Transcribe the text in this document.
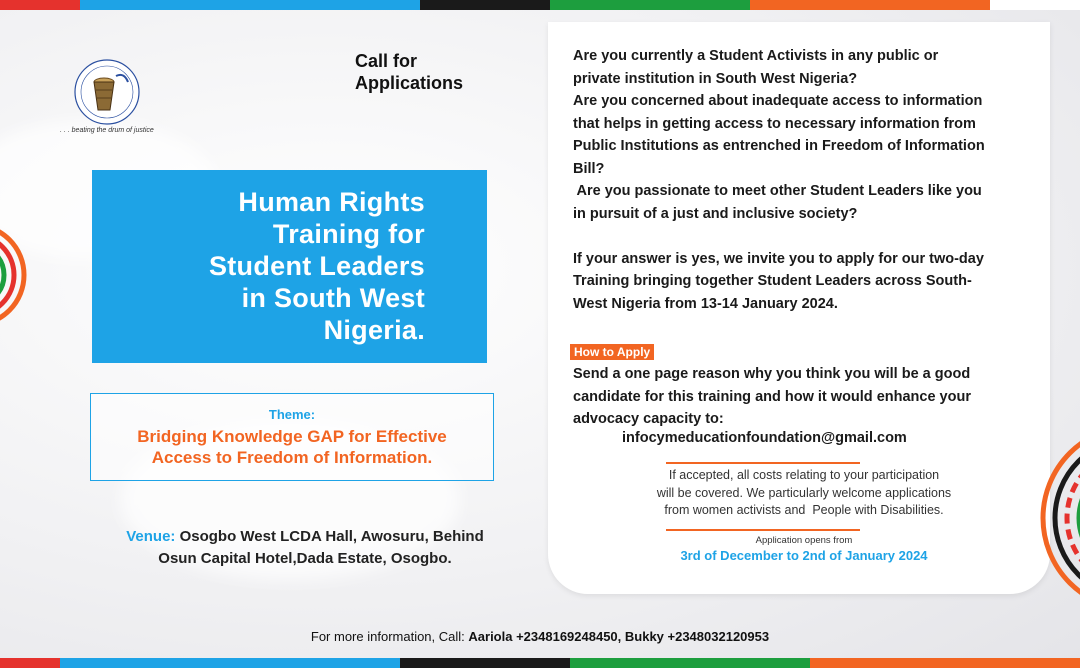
. . . beating the drum of justice
Call for
Applications
Human Rights
Training for
Student Leaders
in South West
Nigeria.
Theme:
Bridging Knowledge GAP for Effective
Access to Freedom of Information.
Venue: Osogbo West LCDA Hall, Awosuru, Behind
Osun Capital Hotel,Dada Estate, Osogbo.

Are you currently a Student Activists in any public or

private institution in South West Nigeria?

Are you concerned about inadequate access to information

that helps in getting access to necessary information from

Public Institutions as entrenched in Freedom of Information

Bill?

Are you passionate to meet other Student Leaders like you

in pursuit of a just and inclusive society?

If your answer is yes, we invite you to apply for our two-day

Training bringing together Student Leaders across South-

West Nigeria from 13-14 January 2024.

How to Apply
Send a one page reason why you think you will be a good
candidate for this training and how it would enhance your
advocacy capacity to:
infocymeducationfoundation@gmail.com
If accepted, all costs relating to your participation
will be covered. We particularly welcome applications
from women activists and  People with Disabilities.
Application opens from
3rd of December to 2nd of January 2024
For more information, Call: Aariola +2348169248450, Bukky +2348032120953
